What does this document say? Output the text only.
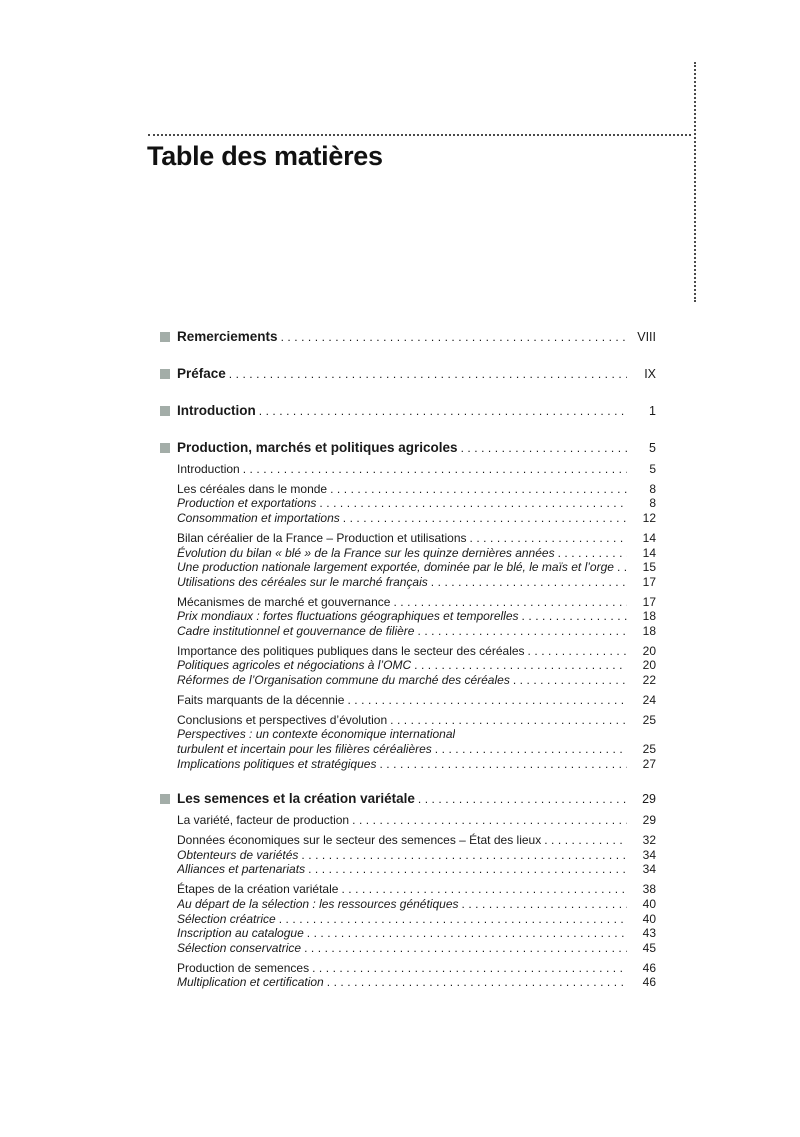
Table des matières
Remerciements .....	VIII
Préface .....	IX
Introduction .....	1
Production, marchés et politiques agricoles .....	5
Introduction .....	5
Les céréales dans le monde .....	8
Production et exportations .....	8
Consommation et importations .....	12
Bilan céréalier de la France – Production et utilisations .....	14
Évolution du bilan « blé » de la France sur les quinze dernières années .....	14
Une production nationale largement exportée, dominée par le blé, le maïs et l’orge .....	15
Utilisations des céréales sur le marché français .....	17
Mécanismes de marché et gouvernance .....	17
Prix mondiaux : fortes fluctuations géographiques et temporelles .....	18
Cadre institutionnel et gouvernance de filière .....	18
Importance des politiques publiques dans le secteur des céréales .....	20
Politiques agricoles et négociations à l’OMC .....	20
Réformes de l’Organisation commune du marché des céréales .....	22
Faits marquants de la décennie .....	24
Conclusions et perspectives d’évolution .....	25
Perspectives : un contexte économique international
turbulent et incertain pour les filières céréalières .....	25
Implications politiques et stratégiques .....	27
Les semences et la création variétale .....	29
La variété, facteur de production .....	29
Données économiques sur le secteur des semences – État des lieux .....	32
Obtenteurs de variétés .....	34
Alliances et partenariats .....	34
Étapes de la création variétale .....	38
Au départ de la sélection : les ressources génétiques .....	40
Sélection créatrice .....	40
Inscription au catalogue .....	43
Sélection conservatrice .....	45
Production de semences .....	46
Multiplication et certification .....	46
